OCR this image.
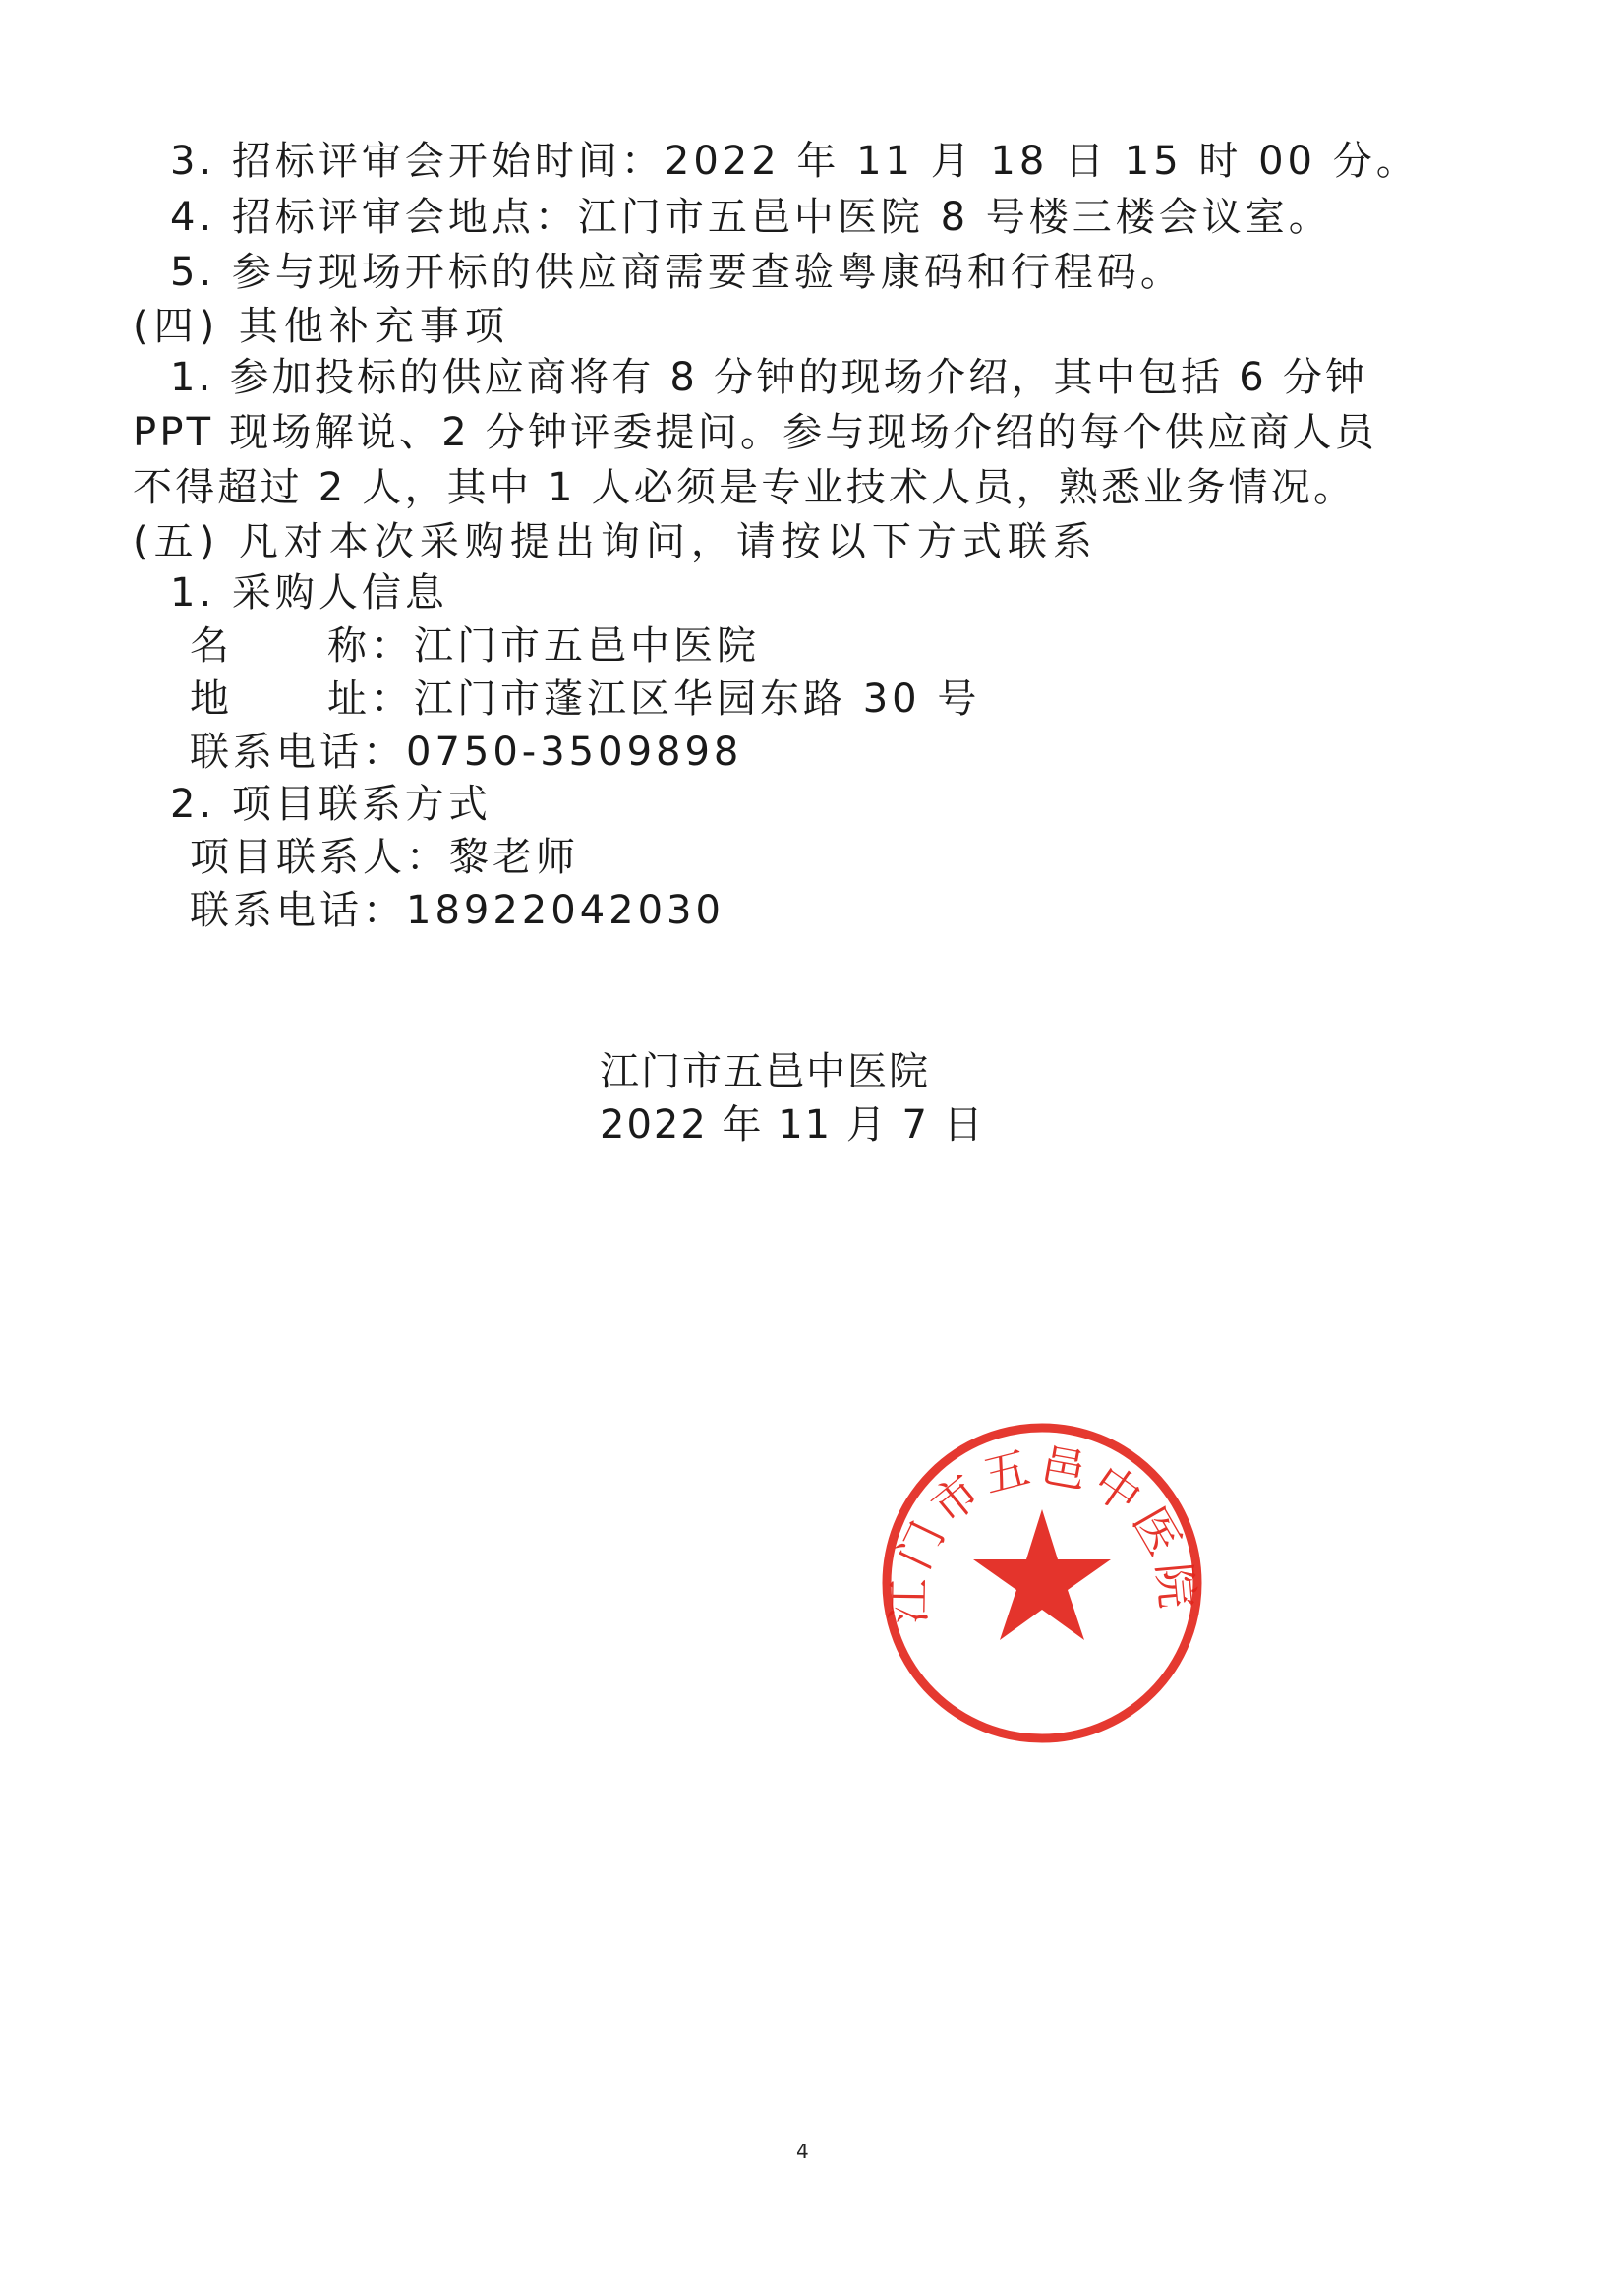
3. 招标评审会开始时间：2022 年 11 月 18 日 15 时 00 分。
4. 招标评审会地点：江门市五邑中医院 8 号楼三楼会议室。
5. 参与现场开标的供应商需要查验粤康码和行程码。
(四) 其他补充事项
1. 参加投标的供应商将有 8 分钟的现场介绍，其中包括 6 分钟
PPT 现场解说、2 分钟评委提问。参与现场介绍的每个供应商人员
不得超过 2 人，其中 1 人必须是专业技术人员，熟悉业务情况。
(五) 凡对本次采购提出询问，请按以下方式联系
1. 采购人信息
名 称：江门市五邑中医院
地 址：江门市蓬江区华园东路 30 号
联系电话：0750-3509898
2. 项目联系方式
项目联系人：黎老师
联系电话：18922042030
江门市五邑中医院
江门市五邑中医院
2022 年 11 月 7 日
4
